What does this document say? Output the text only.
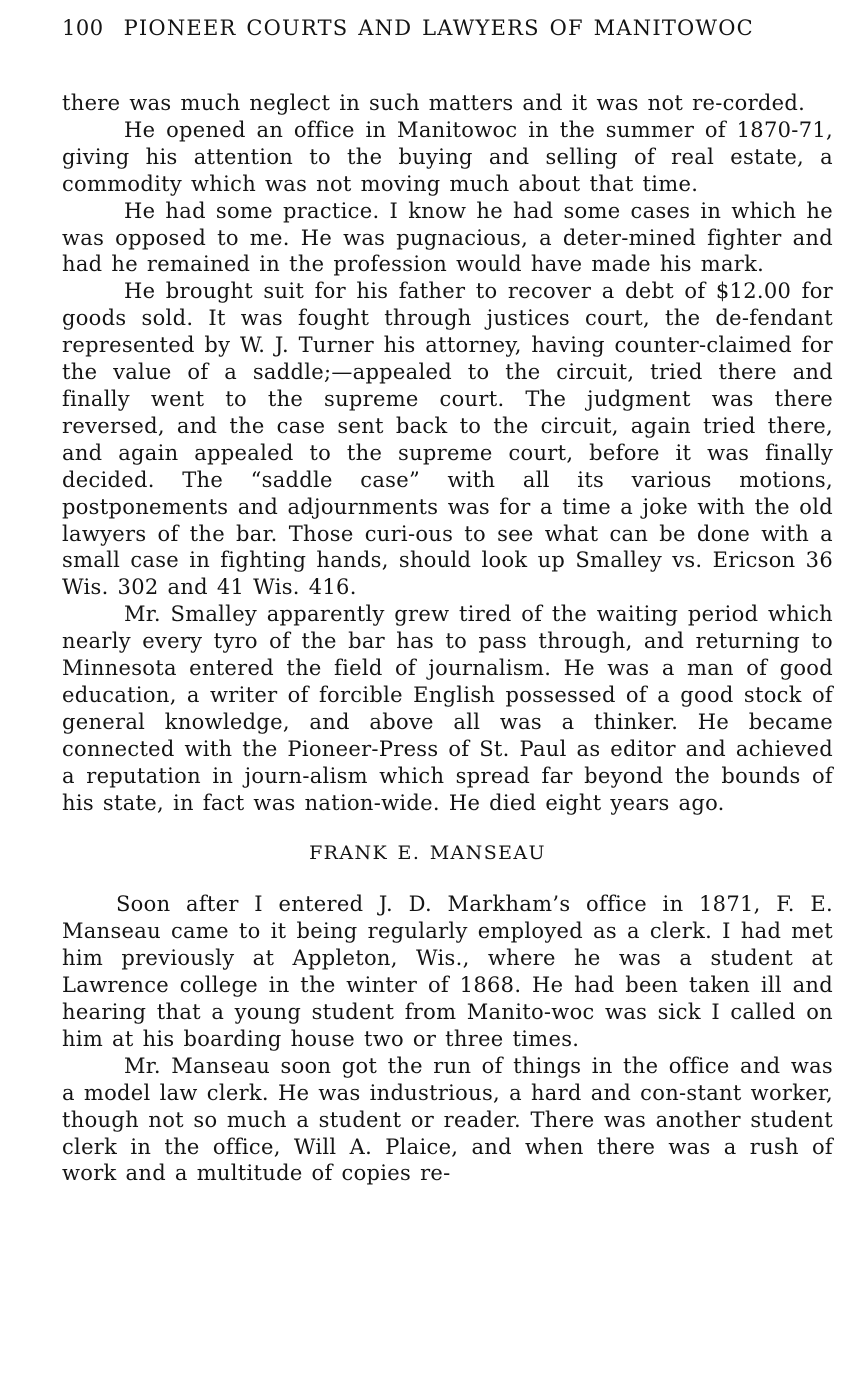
100 PIONEER COURTS AND LAWYERS OF MANITOWOC

there was much neglect in such matters and it was not re-corded.

He opened an office in Manitowoc in the summer of 1870-71, giving his attention to the buying and selling of real estate, a commodity which was not moving much about that time.

He had some practice. I know he had some cases in which he was opposed to me. He was pugnacious, a deter-mined fighter and had he remained in the profession would have made his mark.

He brought suit for his father to recover a debt of $12.00 for goods sold. It was fought through justices court, the de-fendant represented by W. J. Turner his attorney, having counter-claimed for the value of a saddle;—appealed to the circuit, tried there and finally went to the supreme court. The judgment was there reversed, and the case sent back to the circuit, again tried there, and again appealed to the supreme court, before it was finally decided. The “saddle case” with all its various motions, postponements and adjournments was for a time a joke with the old lawyers of the bar. Those curi-ous to see what can be done with a small case in fighting hands, should look up Smalley vs. Ericson 36 Wis. 302 and 41 Wis. 416.

Mr. Smalley apparently grew tired of the waiting period which nearly every tyro of the bar has to pass through, and returning to Minnesota entered the field of journalism. He was a man of good education, a writer of forcible English possessed of a good stock of general knowledge, and above all was a thinker. He became connected with the Pioneer-Press of St. Paul as editor and achieved a reputation in journ-alism which spread far beyond the bounds of his state, in fact was nation-wide. He died eight years ago.

FRANK E. MANSEAU

Soon after I entered J. D. Markham’s office in 1871, F. E. Manseau came to it being regularly employed as a clerk. I had met him previously at Appleton, Wis., where he was a student at Lawrence college in the winter of 1868. He had been taken ill and hearing that a young student from Manito-woc was sick I called on him at his boarding house two or three times.

Mr. Manseau soon got the run of things in the office and was a model law clerk. He was industrious, a hard and con-stant worker, though not so much a student or reader. There was another student clerk in the office, Will A. Plaice, and when there was a rush of work and a multitude of copies re-
